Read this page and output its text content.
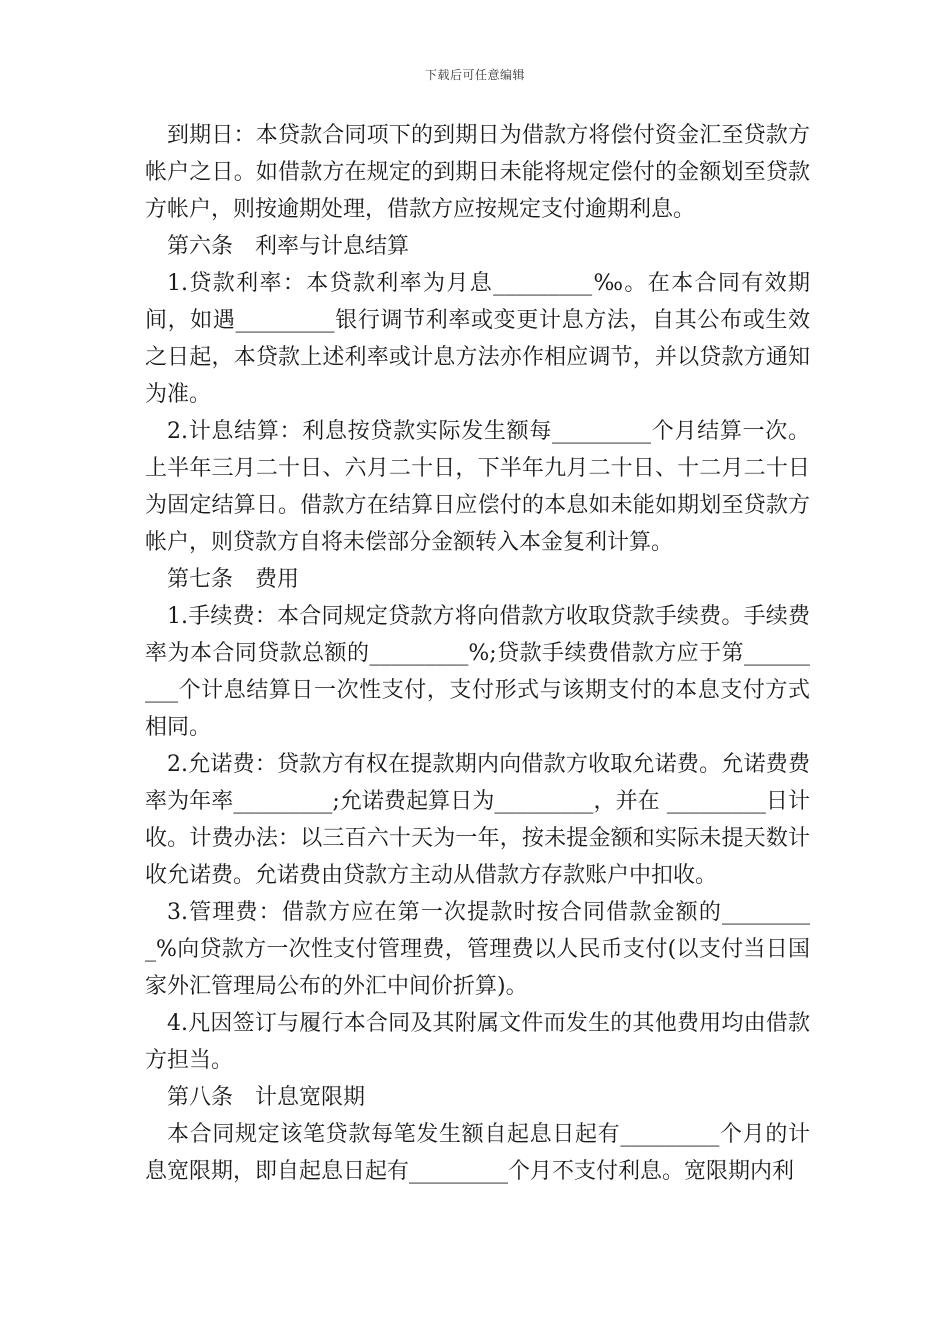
下载后可任意编辑

到期日：本贷款合同项下的到期日为借款方将偿付资金汇至贷款方帐户之日。如借款方在规定的到期日未能将规定偿付的金额划至贷款方帐户，则按逾期处理，借款方应按规定支付逾期利息。

第六条　利率与计息结算

1.贷款利率：本贷款利率为月息_________‰。在本合同有效期间，如遇_________银行调节利率或变更计息方法，自其公布或生效之日起，本贷款上述利率或计息方法亦作相应调节，并以贷款方通知为准。

2.计息结算：利息按贷款实际发生额每_________个月结算一次。上半年三月二十日、六月二十日，下半年九月二十日、十二月二十日为固定结算日。借款方在结算日应偿付的本息如未能如期划至贷款方帐户，则贷款方自将未偿部分金额转入本金复利计算。

第七条　费用

1.手续费：本合同规定贷款方将向借款方收取贷款手续费。手续费率为本合同贷款总额的_________%;贷款手续费借款方应于第_________个计息结算日一次性支付，支付形式与该期支付的本息支付方式相同。

2.允诺费：贷款方有权在提款期内向借款方收取允诺费。允诺费费率为年率_________;允诺费起算日为_________，并在 _________日计收。计费办法：以三百六十天为一年，按未提金额和实际未提天数计收允诺费。允诺费由贷款方主动从借款方存款账户中扣收。

3.管理费：借款方应在第一次提款时按合同借款金额的_________%向贷款方一次性支付管理费，管理费以人民币支付(以支付当日国家外汇管理局公布的外汇中间价折算)。

4.凡因签订与履行本合同及其附属文件而发生的其他费用均由借款方担当。

第八条　计息宽限期

本合同规定该笔贷款每笔发生额自起息日起有_________个月的计息宽限期，即自起息日起有_________个月不支付利息。宽限期内利
